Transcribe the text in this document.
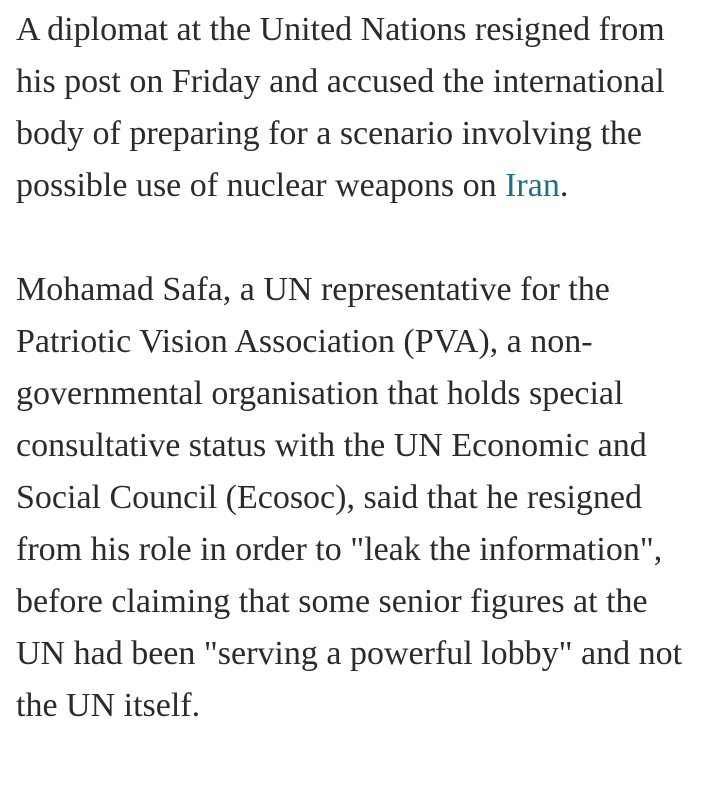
A diplomat at the United Nations resigned from his post on Friday and accused the international body of preparing for a scenario involving the possible use of nuclear weapons on Iran.

Mohamad Safa, a UN representative for the Patriotic Vision Association (PVA), a non-governmental organisation that holds special consultative status with the UN Economic and Social Council (Ecosoc), said that he resigned from his role in order to "leak the information", before claiming that some senior figures at the UN had been "serving a powerful lobby" and not the UN itself.
